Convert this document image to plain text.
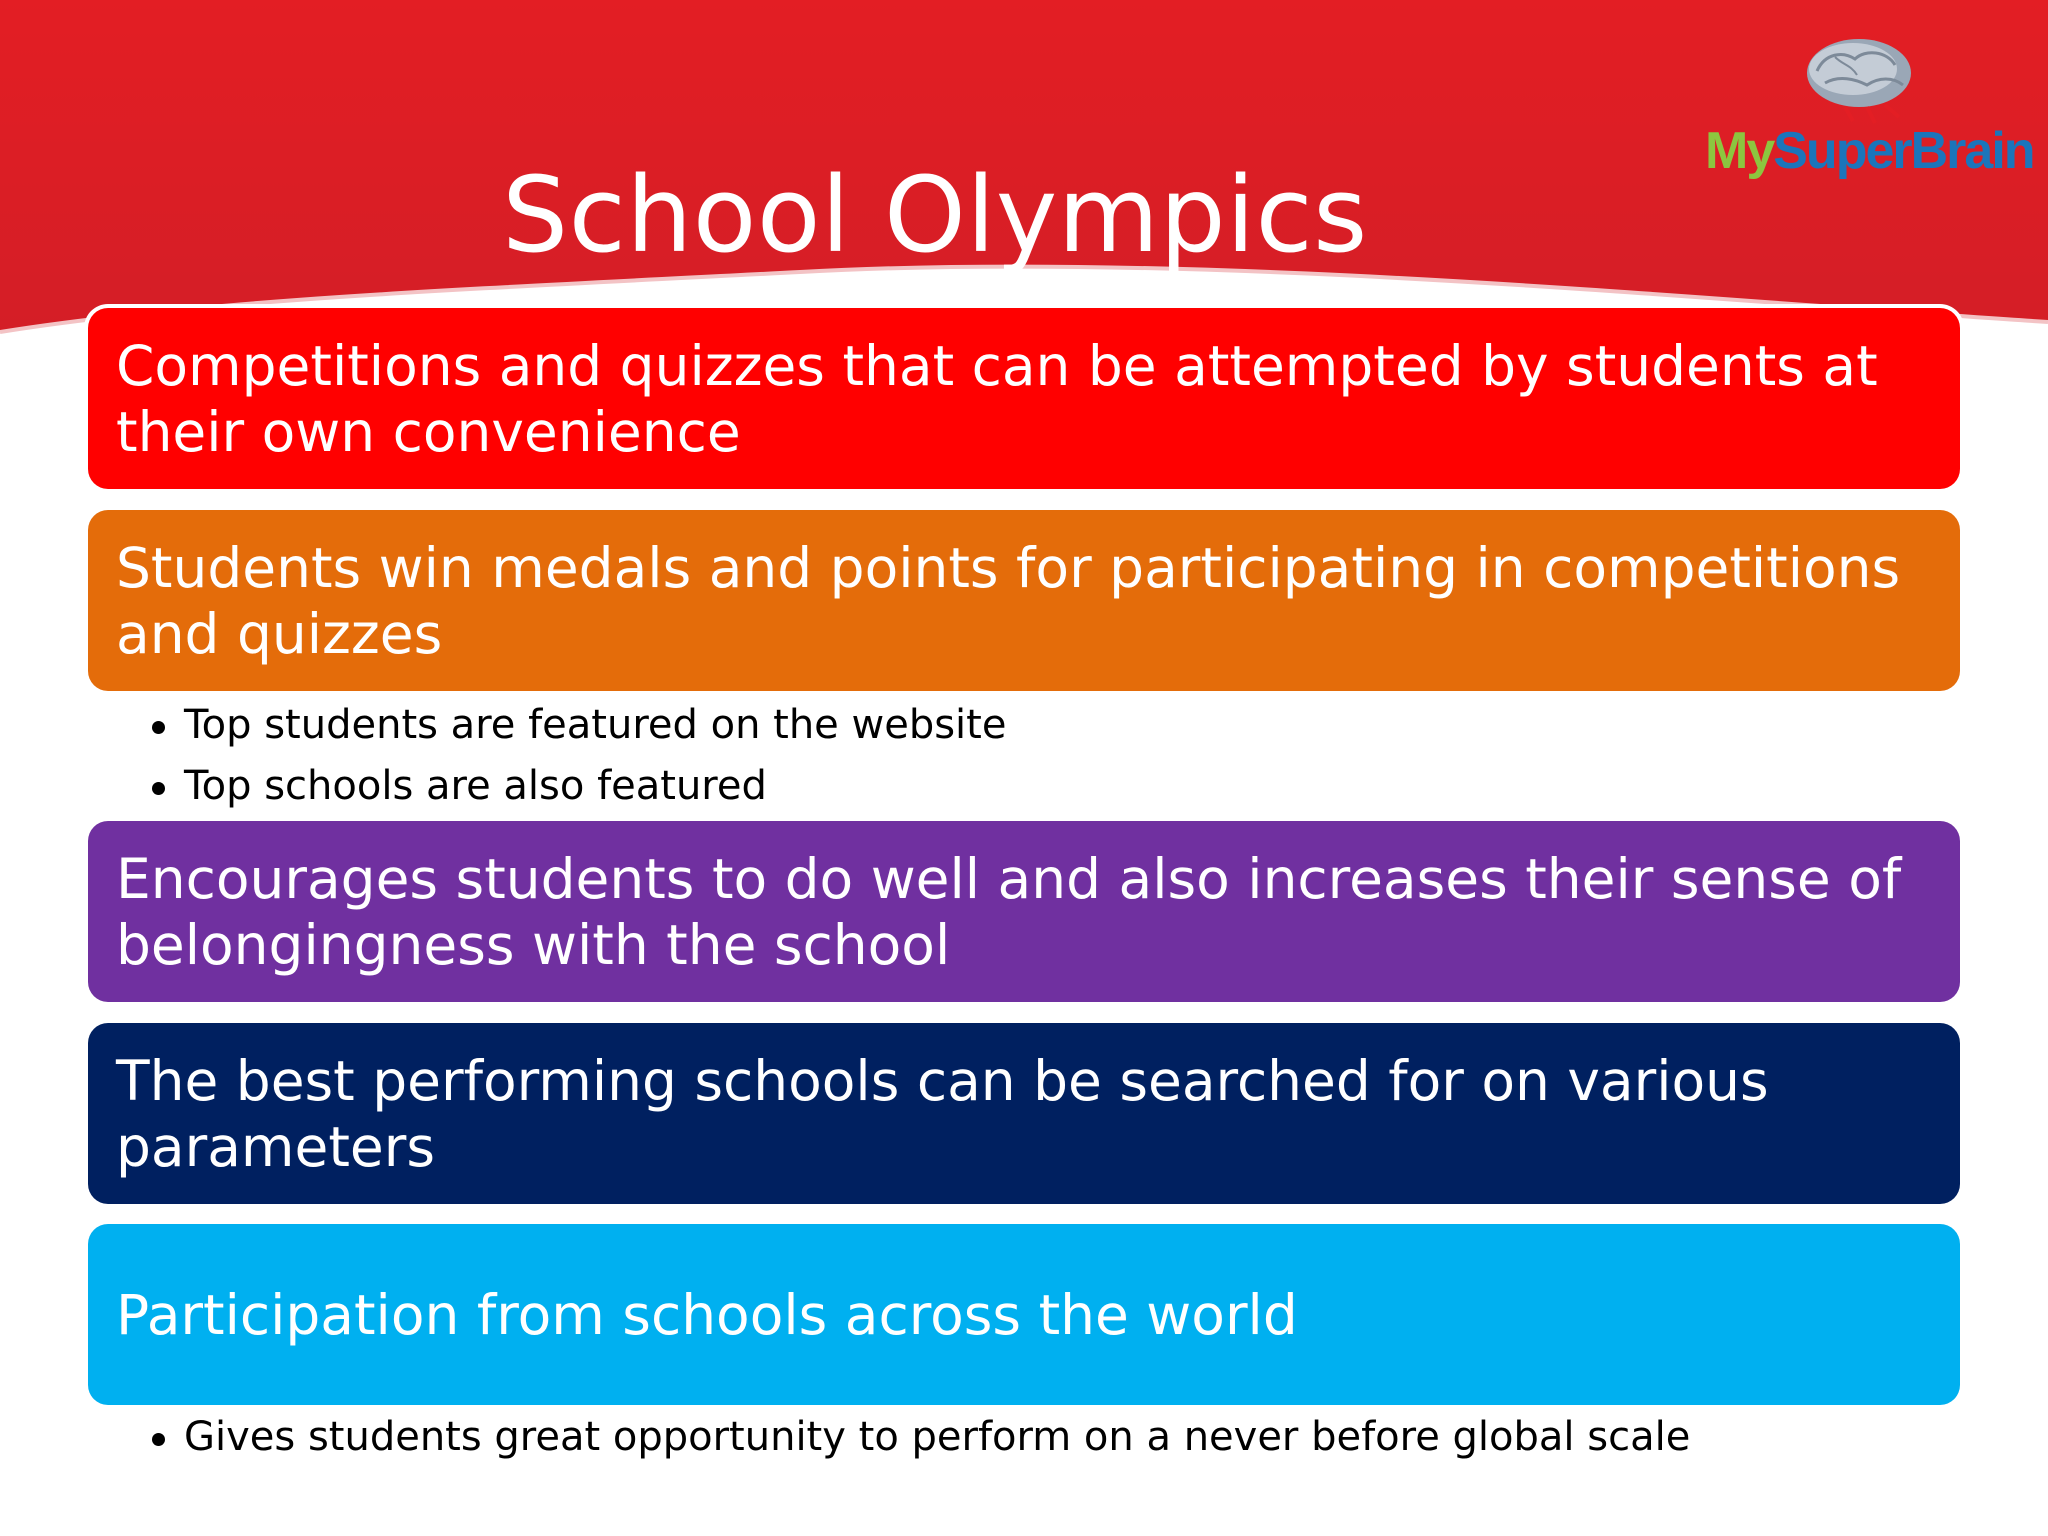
School Olympics
MySuperBrain
Competitions and quizzes that can be attempted by students at their own convenience
Students win medals and points for participating in competitions and quizzes
Top students are featured on the website
Top schools are also featured
Encourages students to do well and also increases their sense of belongingness with the school
The best performing schools can be searched for on various parameters
Participation from schools across the world
Gives students great opportunity to perform on a never before global scale
